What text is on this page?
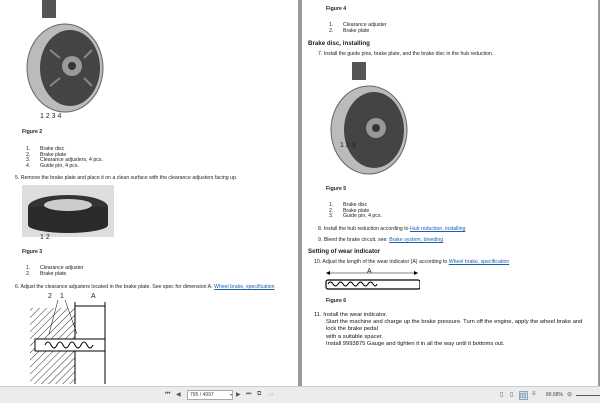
1 2 3 4
Figure 2
1. Brake disc
2. Brake plate
3. Clearance adjusters, 4 pcs.
4. Guide pin, 4 pcs.
5. Remove the brake plate and place it on a clean surface with the clearance adjusters facing up.
1 2
Figure 3
1. Clearance adjuster
2. Brake plate
6. Adjust the clearance adjusters located in the brake plate. See spec for dimension A. Wheel brake, specification
2 1	A
Figure 4
1. Clearance adjuster
2. Brake plate
Brake disc, installing
7. Install the guide pins, brake plate, and the brake disc in the hub reduction.
1 2 3
Figure 5
1. Brake disc
2. Brake plate
3. Guide pin, 4 pcs.
8. Install the hub reduction according to Hub reduction, installing
9. Bleed the brake circuit, see: Brake system, bleeding
Setting of wear indicator
10. Adjust the length of the wear indicator (A) according to Wheel brake, specification
A
Figure 6
11. Install the wear indicator.
Start the machine and charge up the brake pressure. Turn off the engine, apply the wheel brake and lock the brake pedal
with a suitable spacer.
Install 9993875 Gauge and tighten it in all the way until it bottoms out.
⏮ ◀	795 / 4997	▾ ▶ ⏭ ⧉ ▭	▯ ▯ ▯▯ ≡ 89.68% ⊖
